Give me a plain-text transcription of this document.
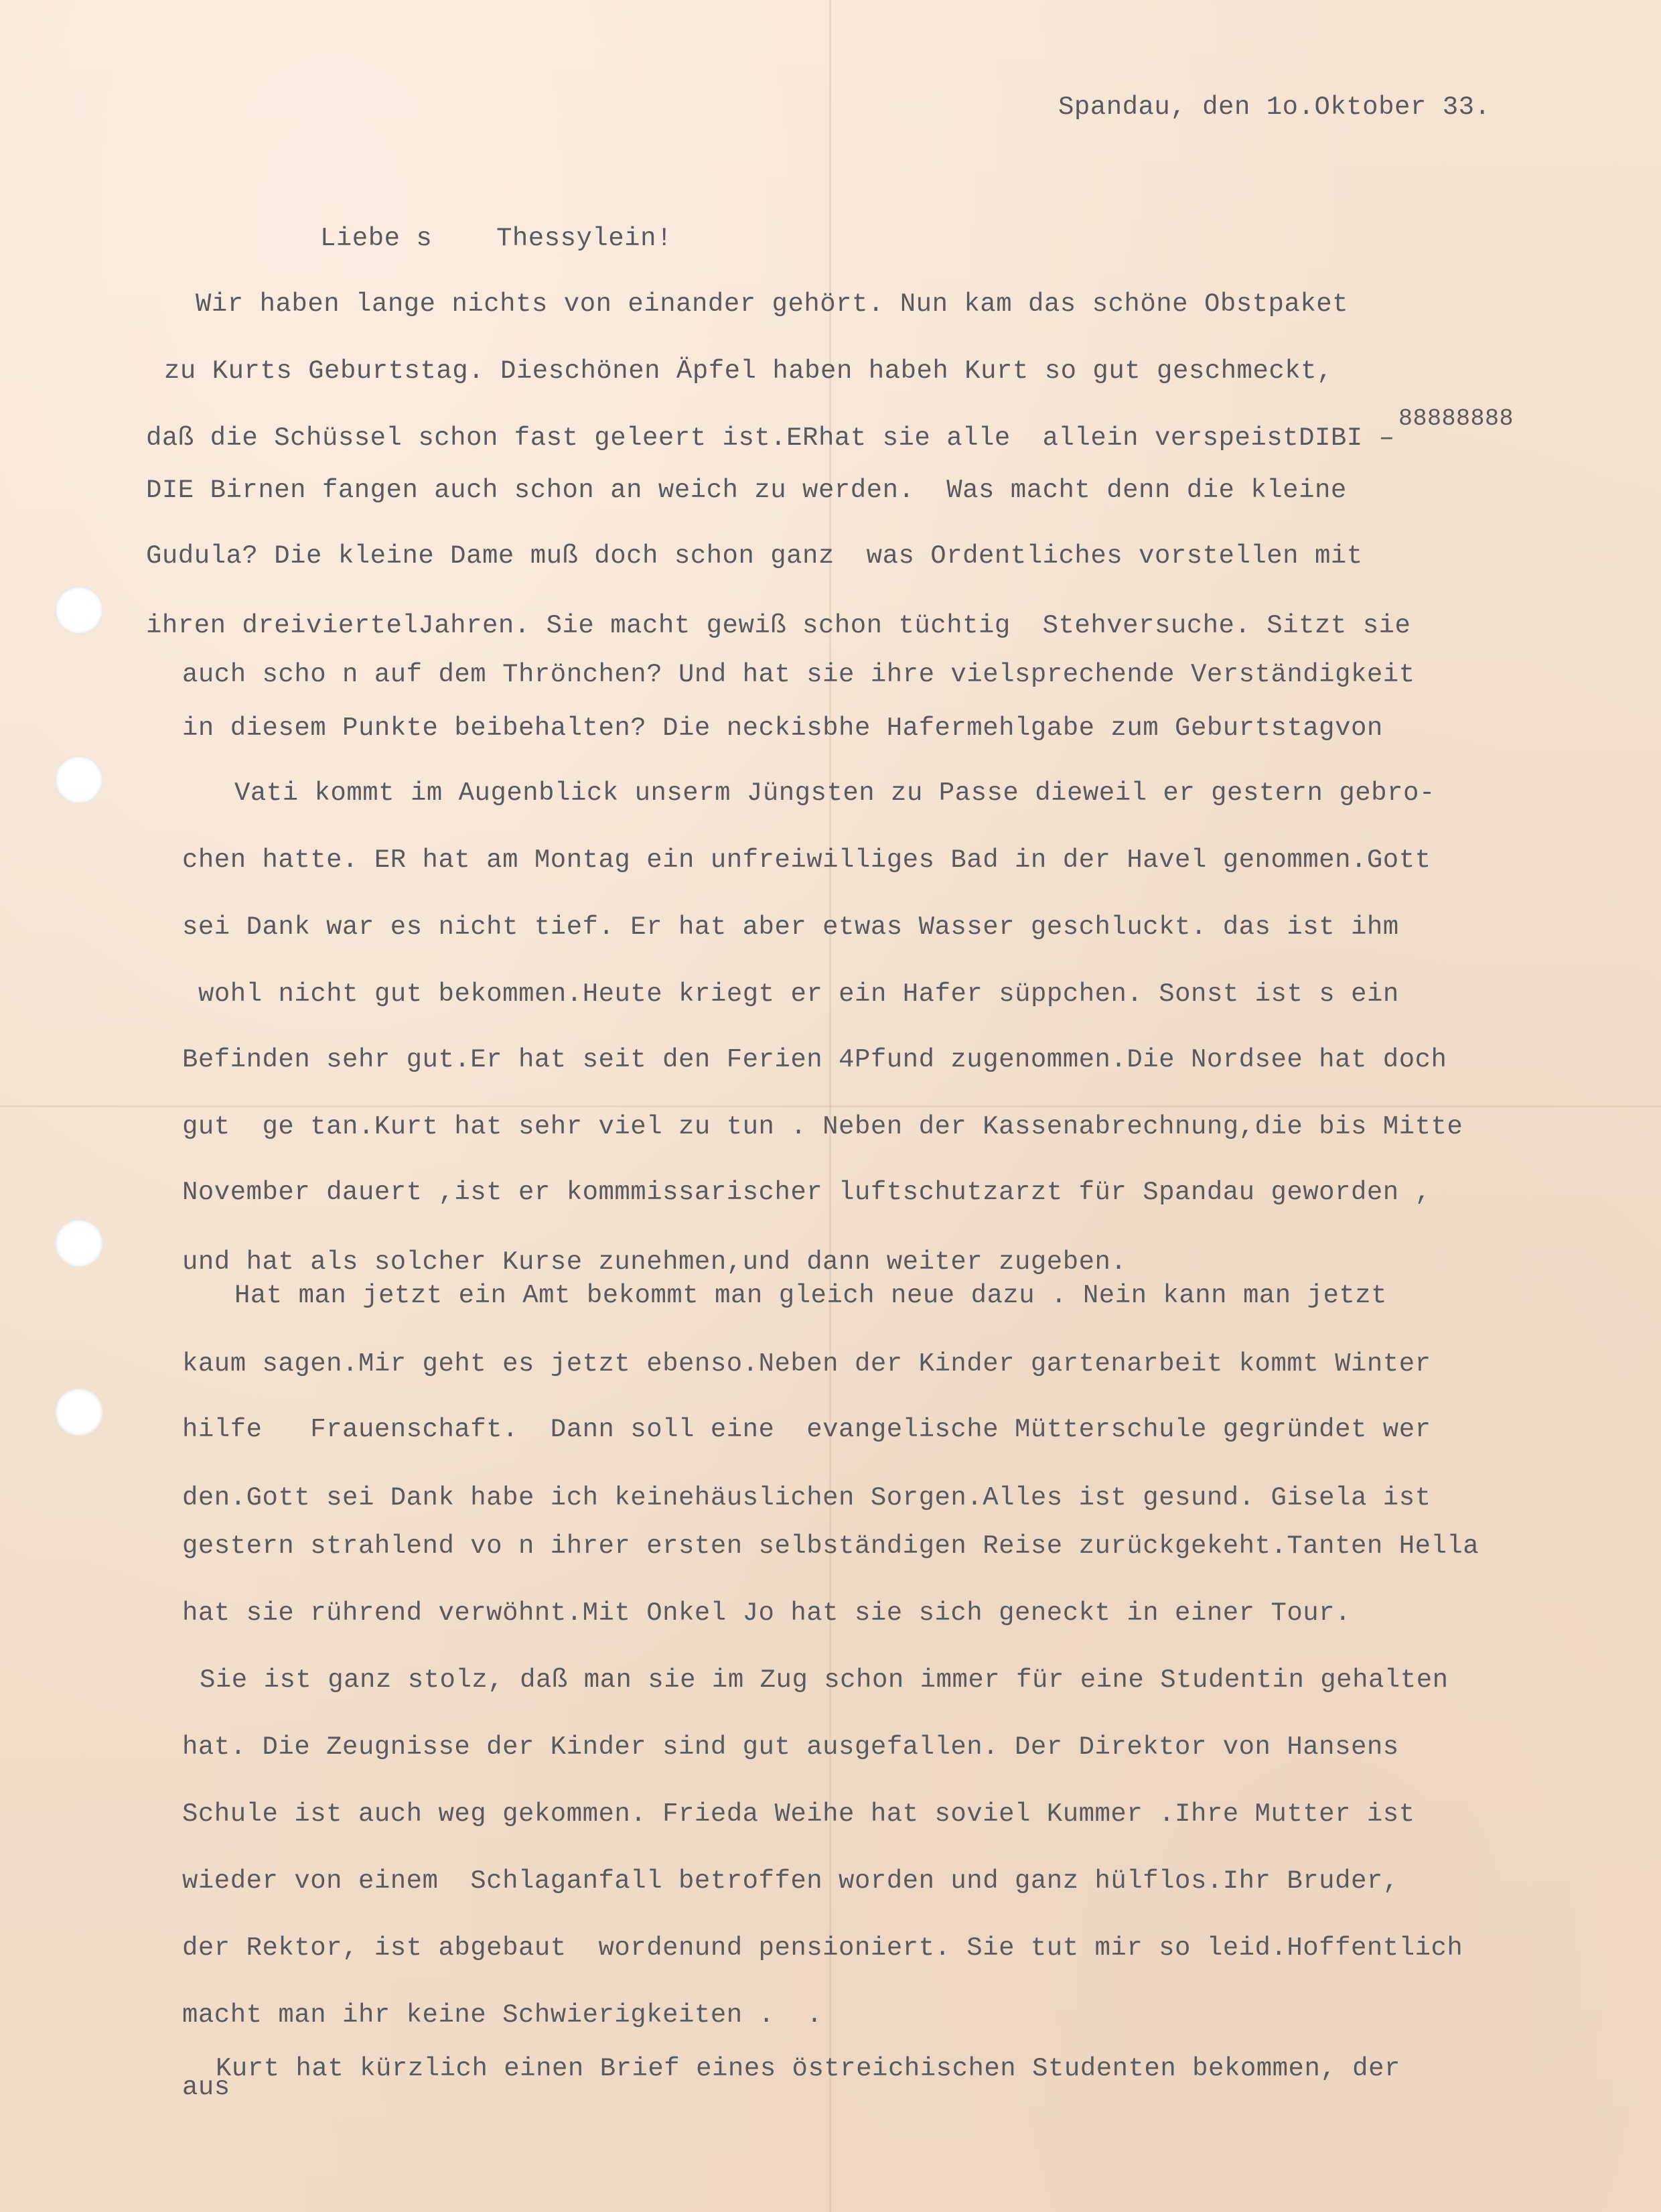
Spandau, den 1o.Oktober 33.
Liebe s    Thessylein!
88888888
Wir haben lange nichts von einander gehört. Nun kam das schöne Obstpaket
zu Kurts Geburtstag. Dieschönen Äpfel haben habeh Kurt so gut geschmeckt,
daß die Schüssel schon fast geleert ist.ERhat sie alle  allein verspeistDIBI –
DIE Birnen fangen auch schon an weich zu werden.  Was macht denn die kleine
Gudula? Die kleine Dame muß doch schon ganz  was Ordentliches vorstellen mit
ihren dreiviertelJahren. Sie macht gewiß schon tüchtig  Stehversuche. Sitzt sie
auch scho n auf dem Thrönchen? Und hat sie ihre vielsprechende Verständigkeit
in diesem Punkte beibehalten? Die neckisbhe Hafermehlgabe zum Geburtstagvon
Vati kommt im Augenblick unserm Jüngsten zu Passe dieweil er gestern gebro-
chen hatte. ER hat am Montag ein unfreiwilliges Bad in der Havel genommen.Gott
sei Dank war es nicht tief. Er hat aber etwas Wasser geschluckt. das ist ihm
wohl nicht gut bekommen.Heute kriegt er ein Hafer süppchen. Sonst ist s ein
Befinden sehr gut.Er hat seit den Ferien 4Pfund zugenommen.Die Nordsee hat doch
gut  ge tan.Kurt hat sehr viel zu tun . Neben der Kassenabrechnung,die bis Mitte
November dauert ,ist er kommmissarischer luftschutzarzt für Spandau geworden ,
und hat als solcher Kurse zunehmen,und dann weiter zugeben.
Hat man jetzt ein Amt bekommt man gleich neue dazu . Nein kann man jetzt
kaum sagen.Mir geht es jetzt ebenso.Neben der Kinder gartenarbeit kommt Winter
hilfe   Frauenschaft.  Dann soll eine  evangelische Mütterschule gegründet wer
den.Gott sei Dank habe ich keinehäuslichen Sorgen.Alles ist gesund. Gisela ist
gestern strahlend vo n ihrer ersten selbständigen Reise zurückgekeht.Tanten Hella
hat sie rührend verwöhnt.Mit Onkel Jo hat sie sich geneckt in einer Tour.
Sie ist ganz stolz, daß man sie im Zug schon immer für eine Studentin gehalten
hat. Die Zeugnisse der Kinder sind gut ausgefallen. Der Direktor von Hansens
Schule ist auch weg gekommen. Frieda Weihe hat soviel Kummer .Ihre Mutter ist
wieder von einem  Schlaganfall betroffen worden und ganz hülflos.Ihr Bruder,
der Rektor, ist abgebaut  wordenund pensioniert. Sie tut mir so leid.Hoffentlich
macht man ihr keine Schwierigkeiten .  .
Kurt hat kürzlich einen Brief eines östreichischen Studenten bekommen, der
aus
